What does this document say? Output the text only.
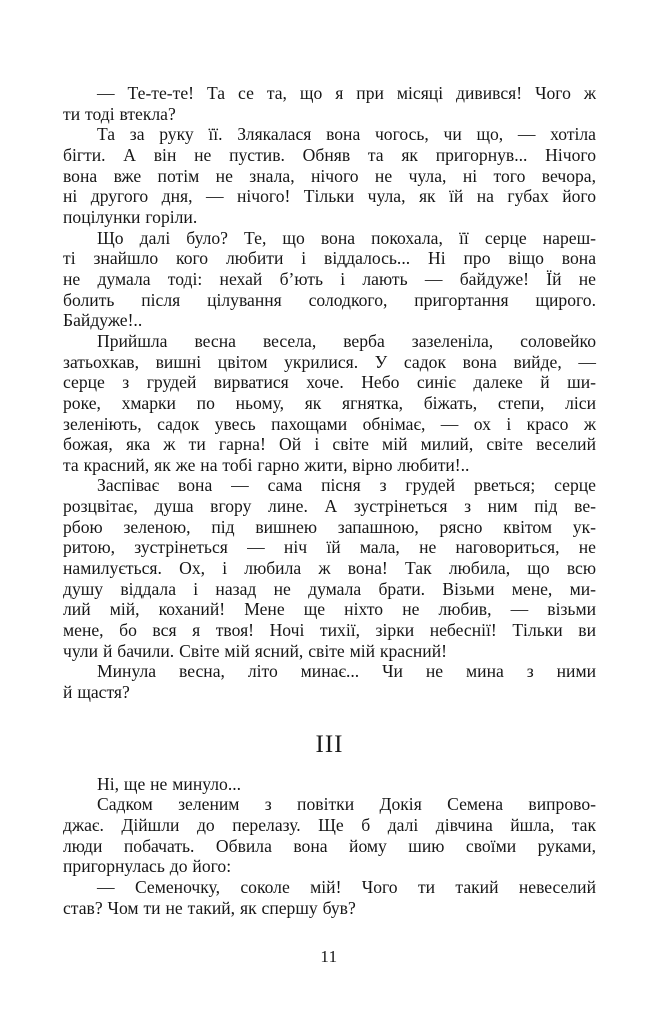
— Те-те-те! Та се та, що я при місяці дивився! Чого ж
ти тоді втекла?
Та за руку її. Злякалася вона чогось, чи що, — хотіла
бігти. А він не пустив. Обняв та як пригорнув... Нічого
вона вже потім не знала, нічого не чула, ні того вечора,
ні другого дня, — нічого! Тільки чула, як їй на губах його
поцілунки горіли.
Що далі було? Те, що вона покохала, її серце нареш-
ті знайшло кого любити і віддалось... Ні про віщо вона
не думала тоді: нехай б’ють і лають — байдуже! Їй не
болить після цілування солодкого, пригортання щирого.
Байдуже!..
Прийшла весна весела, верба зазеленіла, соловейко
затьохкав, вишні цвітом укрилися. У садок вона вийде, —
серце з грудей вирватися хоче. Небо синіє далеке й ши-
роке, хмарки по ньому, як ягнятка, біжать, степи, ліси
зеленіють, садок увесь пахощами обнімає, — ох і красо ж
божая, яка ж ти гарна! Ой і світе мій милий, світе веселий
та красний, як же на тобі гарно жити, вірно любити!..
Заспіває вона — сама пісня з грудей рветься; серце
розцвітає, душа вгору лине. А зустрінеться з ним під ве-
рбою зеленою, під вишнею запашною, рясно квітом ук-
ритою, зустрінеться — ніч їй мала, не наговориться, не
намилується. Ох, і любила ж вона! Так любила, що всю
душу віддала і назад не думала брати. Візьми мене, ми-
лий мій, коханий! Мене ще ніхто не любив, — візьми
мене, бо вся я твоя! Ночі тихії, зірки небеснії! Тільки ви
чули й бачили. Світе мій ясний, світе мій красний!
Минула весна, літо минає... Чи не мина з ними
й щастя?
III
Ні, ще не минуло...
Садком зеленим з повітки Докія Семена випрово-
джає. Дійшли до перелазу. Ще б далі дівчина йшла, так
люди побачать. Обвила вона йому шию своїми руками,
пригорнулась до його:
— Семеночку, соколе мій! Чого ти такий невеселий
став? Чом ти не такий, як спершу був?
11
